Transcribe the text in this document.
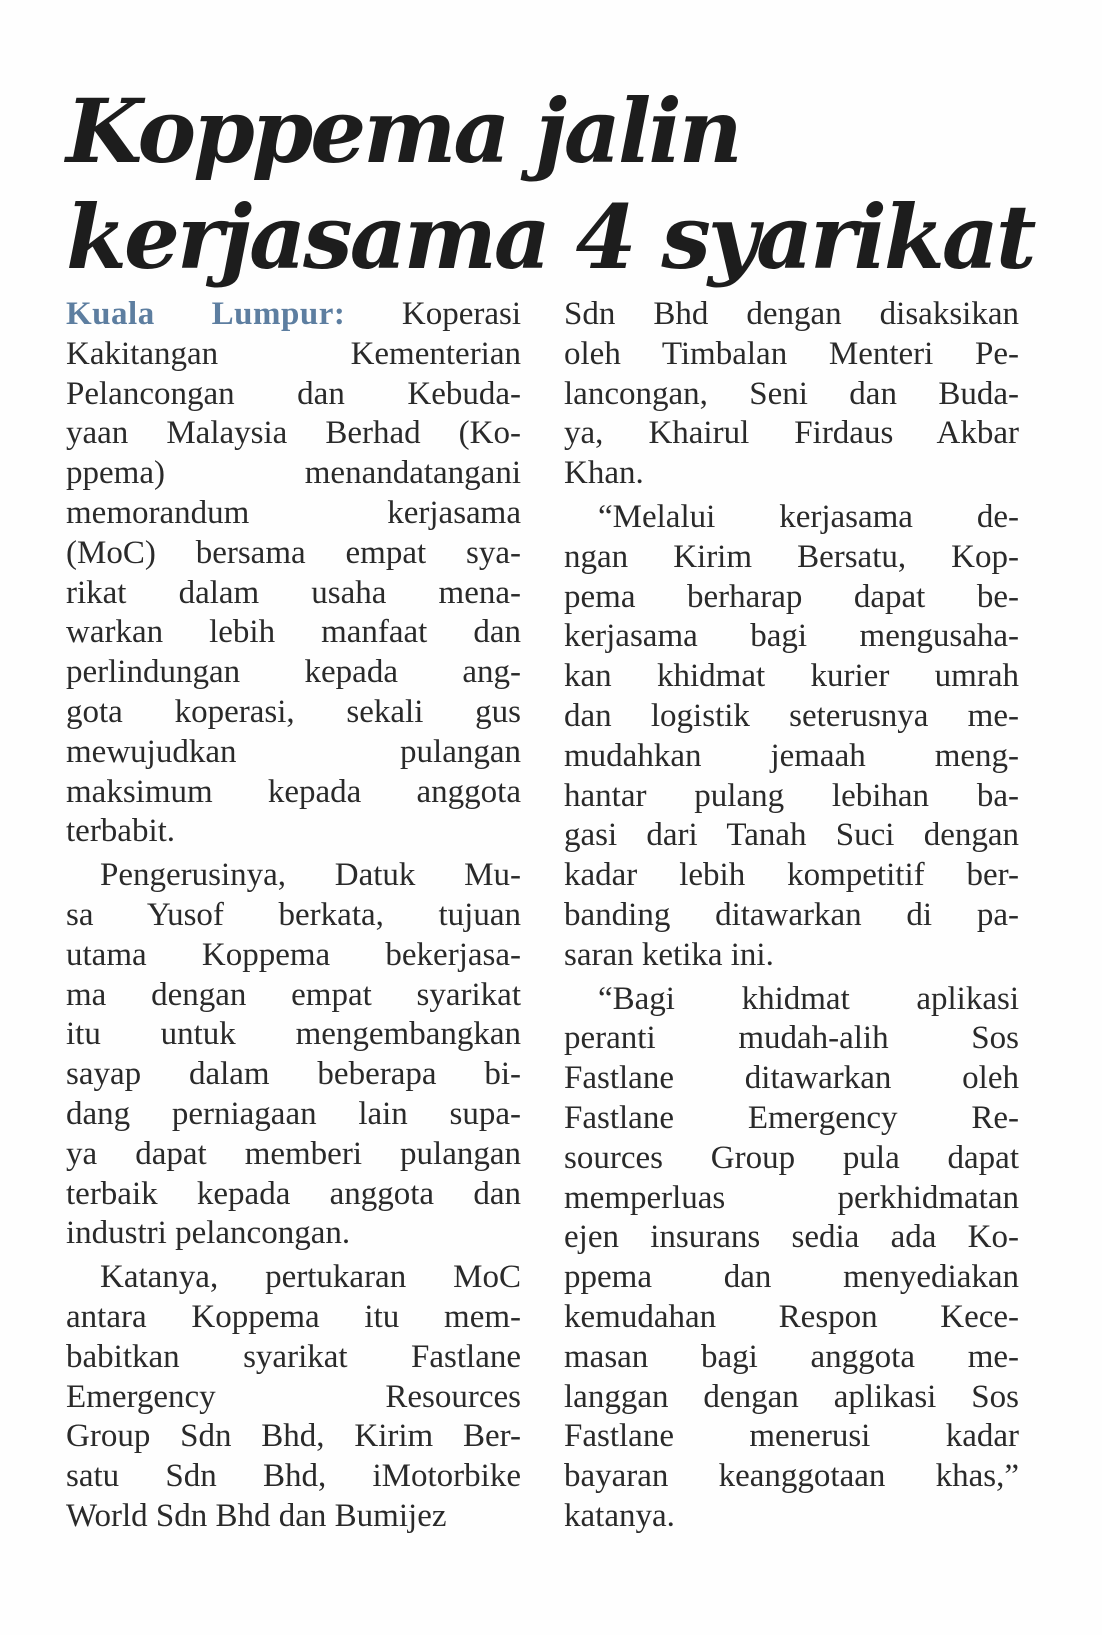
Koppema jalin
kerjasama 4 syarikat
Kuala Lumpur: Koperasi
Kakitangan Kementerian
Pelancongan dan Kebuda-
yaan Malaysia Berhad (Ko-
ppema) menandatangani
memorandum kerjasama
(MoC) bersama empat sya-
rikat dalam usaha mena-
warkan lebih manfaat dan
perlindungan kepada ang-
gota koperasi, sekali gus
mewujudkan pulangan
maksimum kepada anggota
terbabit.
Pengerusinya, Datuk Mu-
sa Yusof berkata, tujuan
utama Koppema bekerjasa-
ma dengan empat syarikat
itu untuk mengembangkan
sayap dalam beberapa bi-
dang perniagaan lain supa-
ya dapat memberi pulangan
terbaik kepada anggota dan
industri pelancongan.
Katanya, pertukaran MoC
antara Koppema itu mem-
babitkan syarikat Fastlane
Emergency Resources
Group Sdn Bhd, Kirim Ber-
satu Sdn Bhd, iMotorbike
World Sdn Bhd dan Bumijez
Sdn Bhd dengan disaksikan
oleh Timbalan Menteri Pe-
lancongan, Seni dan Buda-
ya, Khairul Firdaus Akbar
Khan.
“Melalui kerjasama de-
ngan Kirim Bersatu, Kop-
pema berharap dapat be-
kerjasama bagi mengusaha-
kan khidmat kurier umrah
dan logistik seterusnya me-
mudahkan jemaah meng-
hantar pulang lebihan ba-
gasi dari Tanah Suci dengan
kadar lebih kompetitif ber-
banding ditawarkan di pa-
saran ketika ini.
“Bagi khidmat aplikasi
peranti mudah-alih Sos
Fastlane ditawarkan oleh
Fastlane Emergency Re-
sources Group pula dapat
memperluas perkhidmatan
ejen insurans sedia ada Ko-
ppema dan menyediakan
kemudahan Respon Kece-
masan bagi anggota me-
langgan dengan aplikasi Sos
Fastlane menerusi kadar
bayaran keanggotaan khas,”
katanya.
